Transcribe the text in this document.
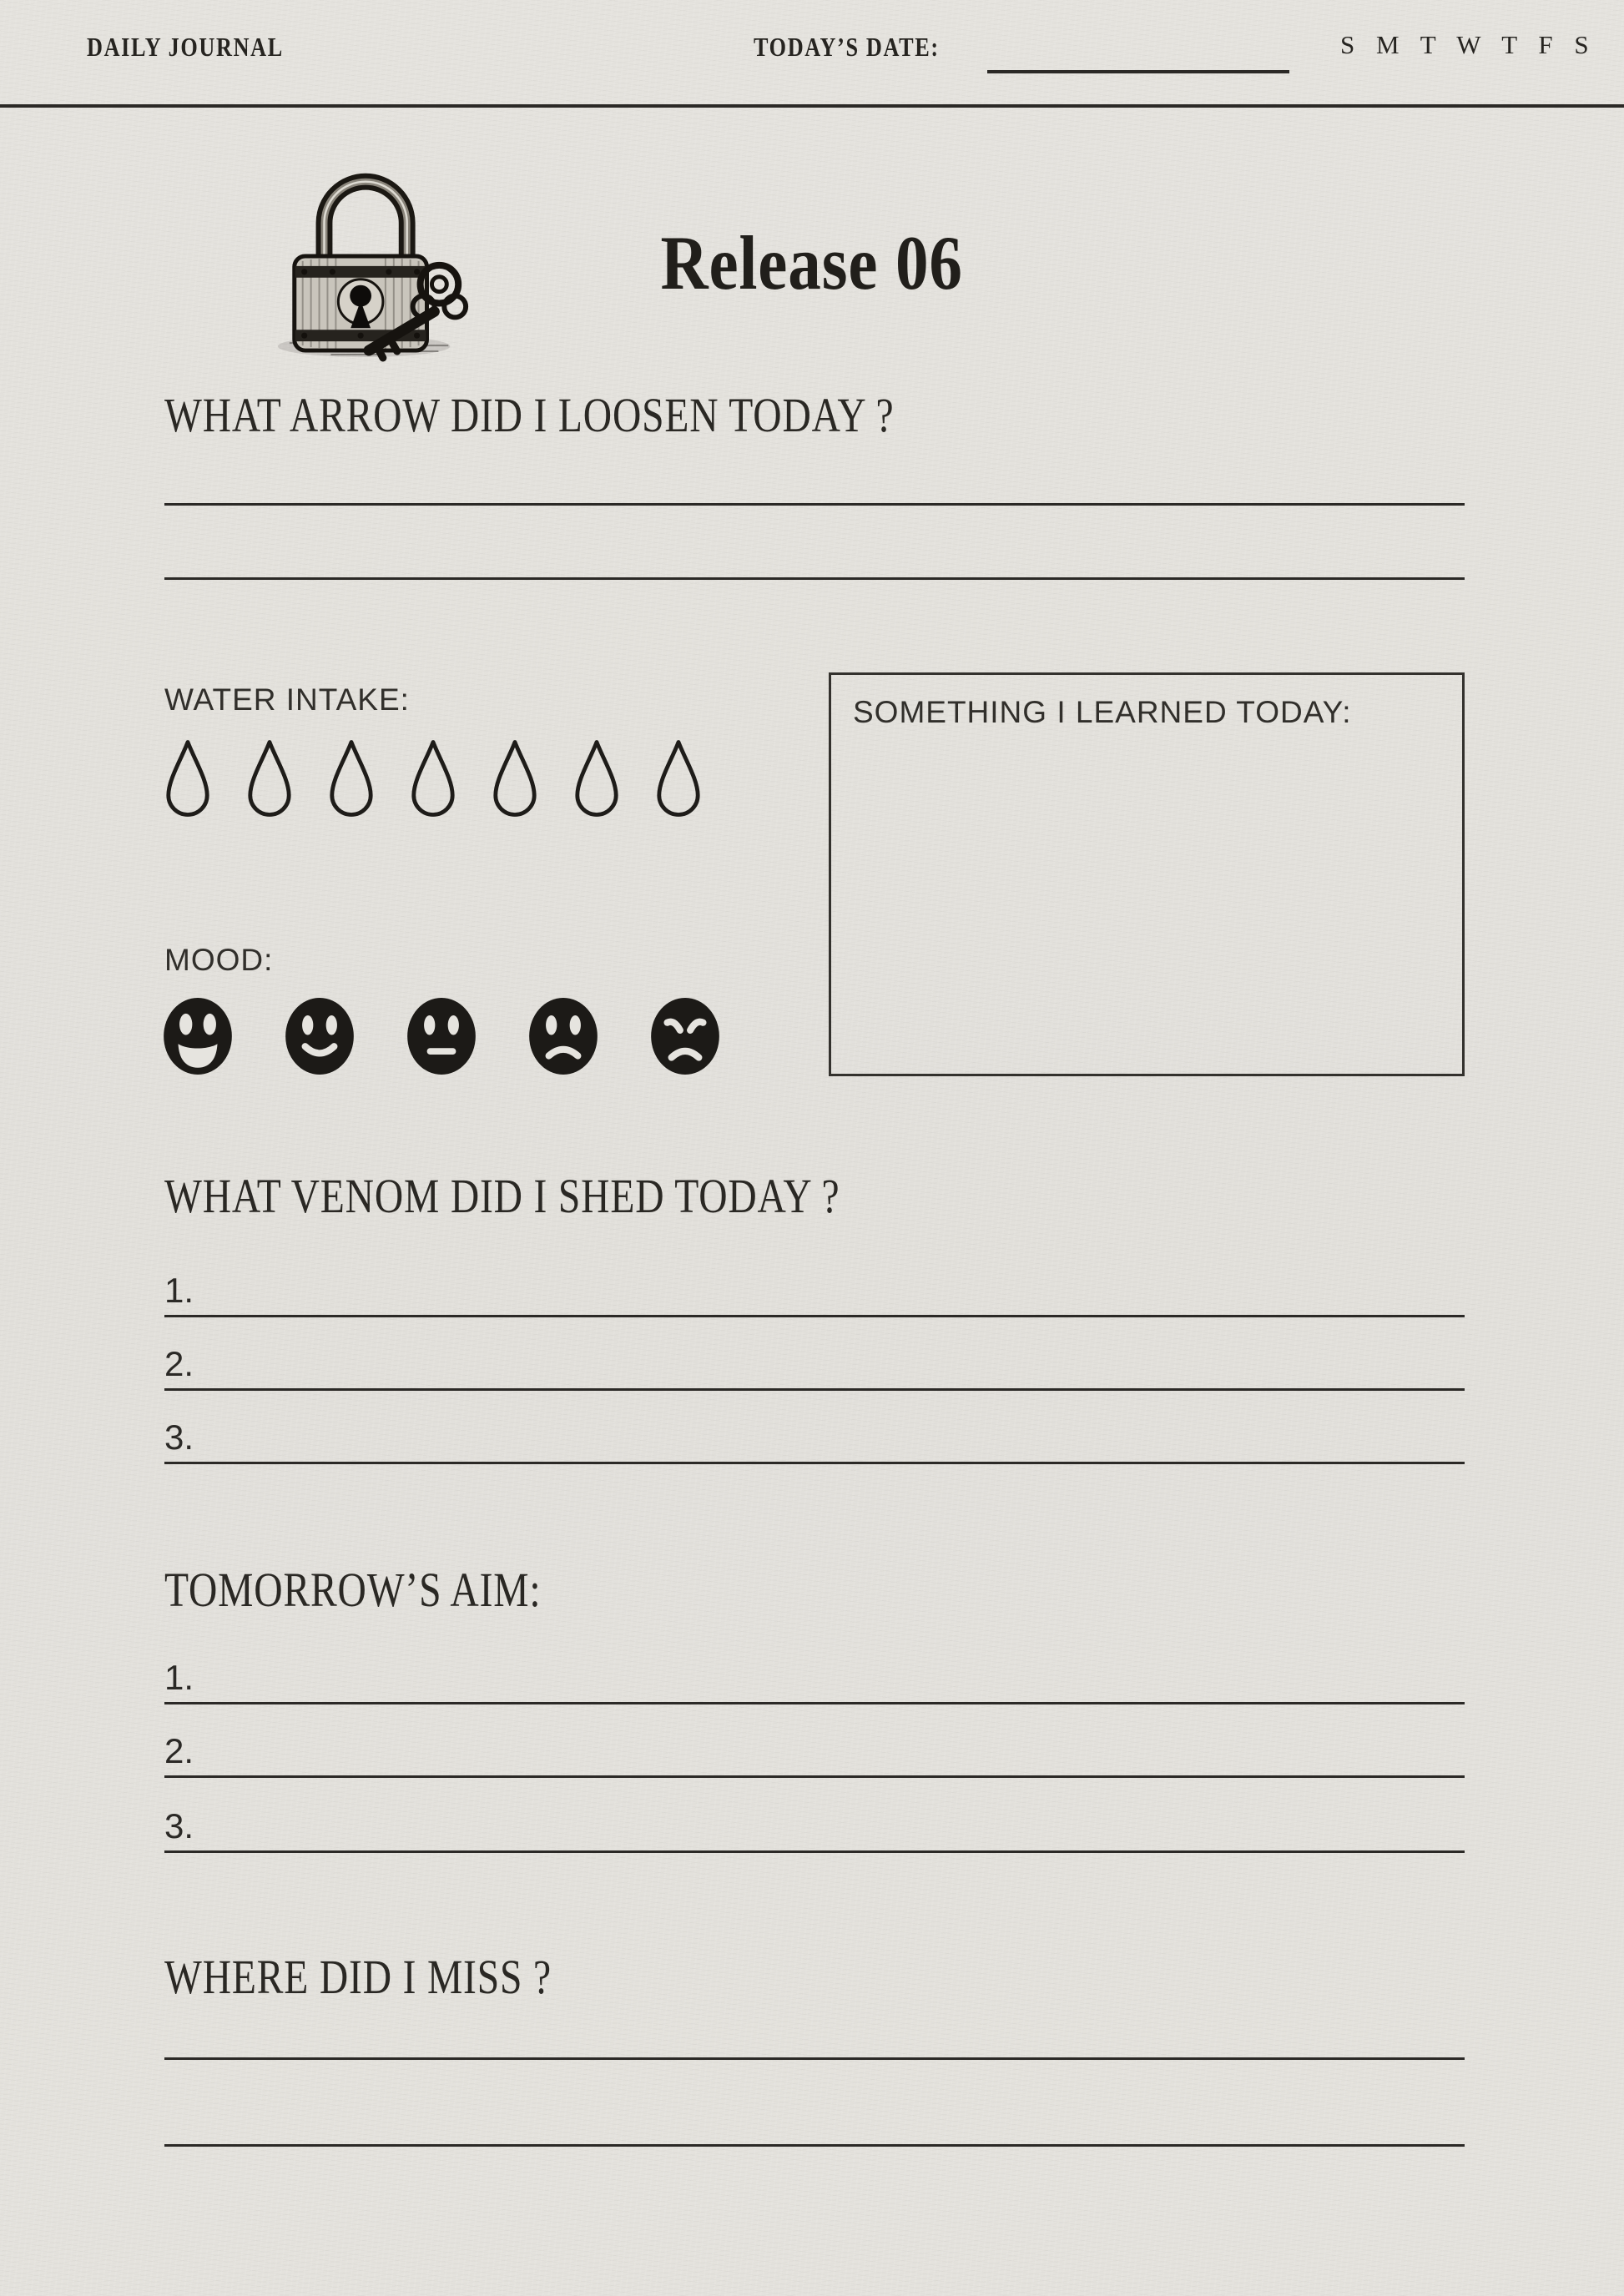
DAILY JOURNAL	TODAY’S DATE:	S M T W T F S
Release 06
WHAT ARROW DID I LOOSEN TODAY ?
WATER INTAKE:	SOMETHING I LEARNED TODAY:
MOOD:
WHAT VENOM DID I SHED TODAY ?
1.
2.
3.
TOMORROW’S AIM:
1.
2.
3.
WHERE DID I MISS ?
